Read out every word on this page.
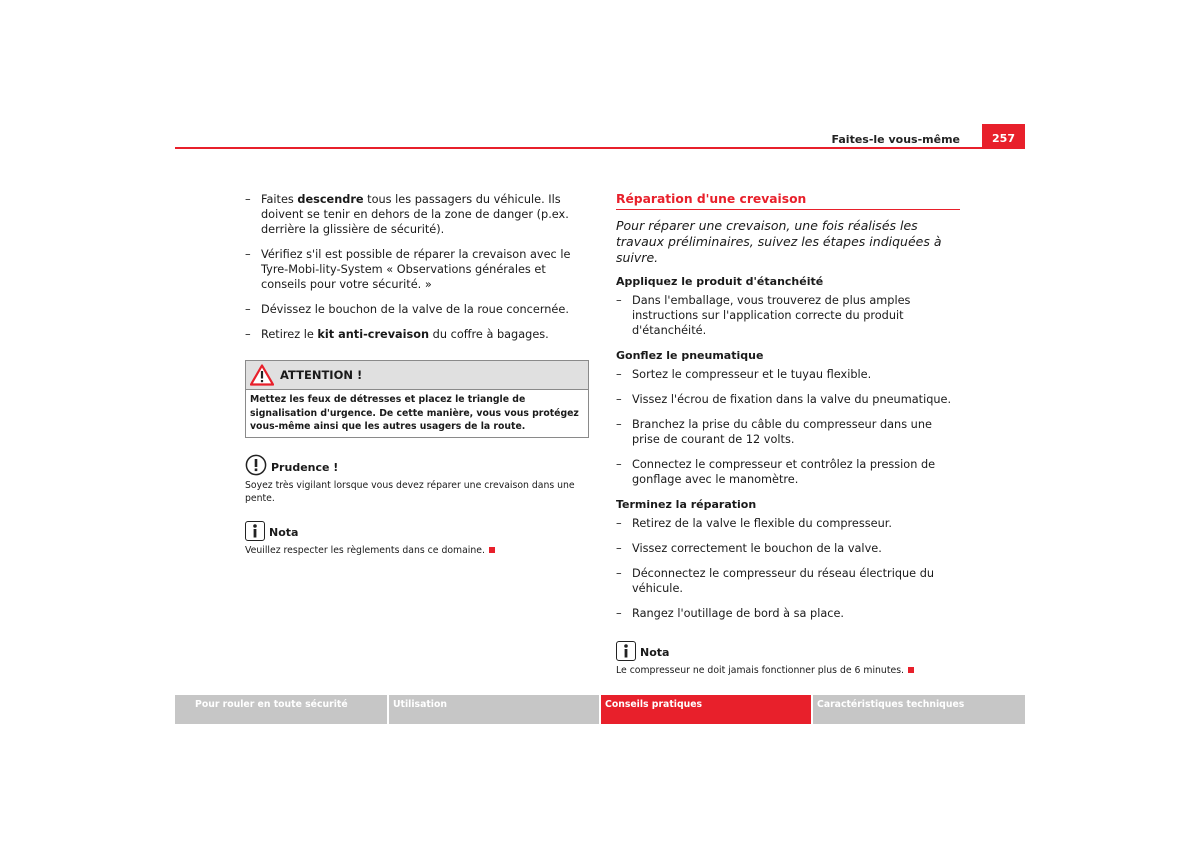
Faites-le vous-même	257
– Faites descendre tous les passagers du véhicule. Ils doivent se tenir en dehors de la zone de danger (p.ex. derrière la glissière de sécurité).
– Vérifiez s'il est possible de réparer la crevaison avec le Tyre-Mobi-lity-System « Observations générales et conseils pour votre sécurité. »
– Dévissez le bouchon de la valve de la roue concernée.
– Retirez le kit anti-crevaison du coffre à bagages.
ATTENTION !
Mettez les feux de détresses et placez le triangle de signalisation d'urgence. De cette manière, vous vous protégez vous-même ainsi que les autres usagers de la route.
Prudence !
Soyez très vigilant lorsque vous devez réparer une crevaison dans une pente.
Nota
Veuillez respecter les règlements dans ce domaine.
Réparation d'une crevaison
Pour réparer une crevaison, une fois réalisés les travaux préliminaires, suivez les étapes indiquées à suivre.
Appliquez le produit d'étanchéité
– Dans l'emballage, vous trouverez de plus amples instructions sur l'application correcte du produit d'étanchéité.
Gonflez le pneumatique
– Sortez le compresseur et le tuyau flexible.
– Vissez l'écrou de fixation dans la valve du pneumatique.
– Branchez la prise du câble du compresseur dans une prise de courant de 12 volts.
– Connectez le compresseur et contrôlez la pression de gonflage avec le manomètre.
Terminez la réparation
– Retirez de la valve le flexible du compresseur.
– Vissez correctement le bouchon de la valve.
– Déconnectez le compresseur du réseau électrique du véhicule.
– Rangez l'outillage de bord à sa place.
Nota
Le compresseur ne doit jamais fonctionner plus de 6 minutes.
Pour rouler en toute sécurité	Utilisation	Conseils pratiques	Caractéristiques techniques
